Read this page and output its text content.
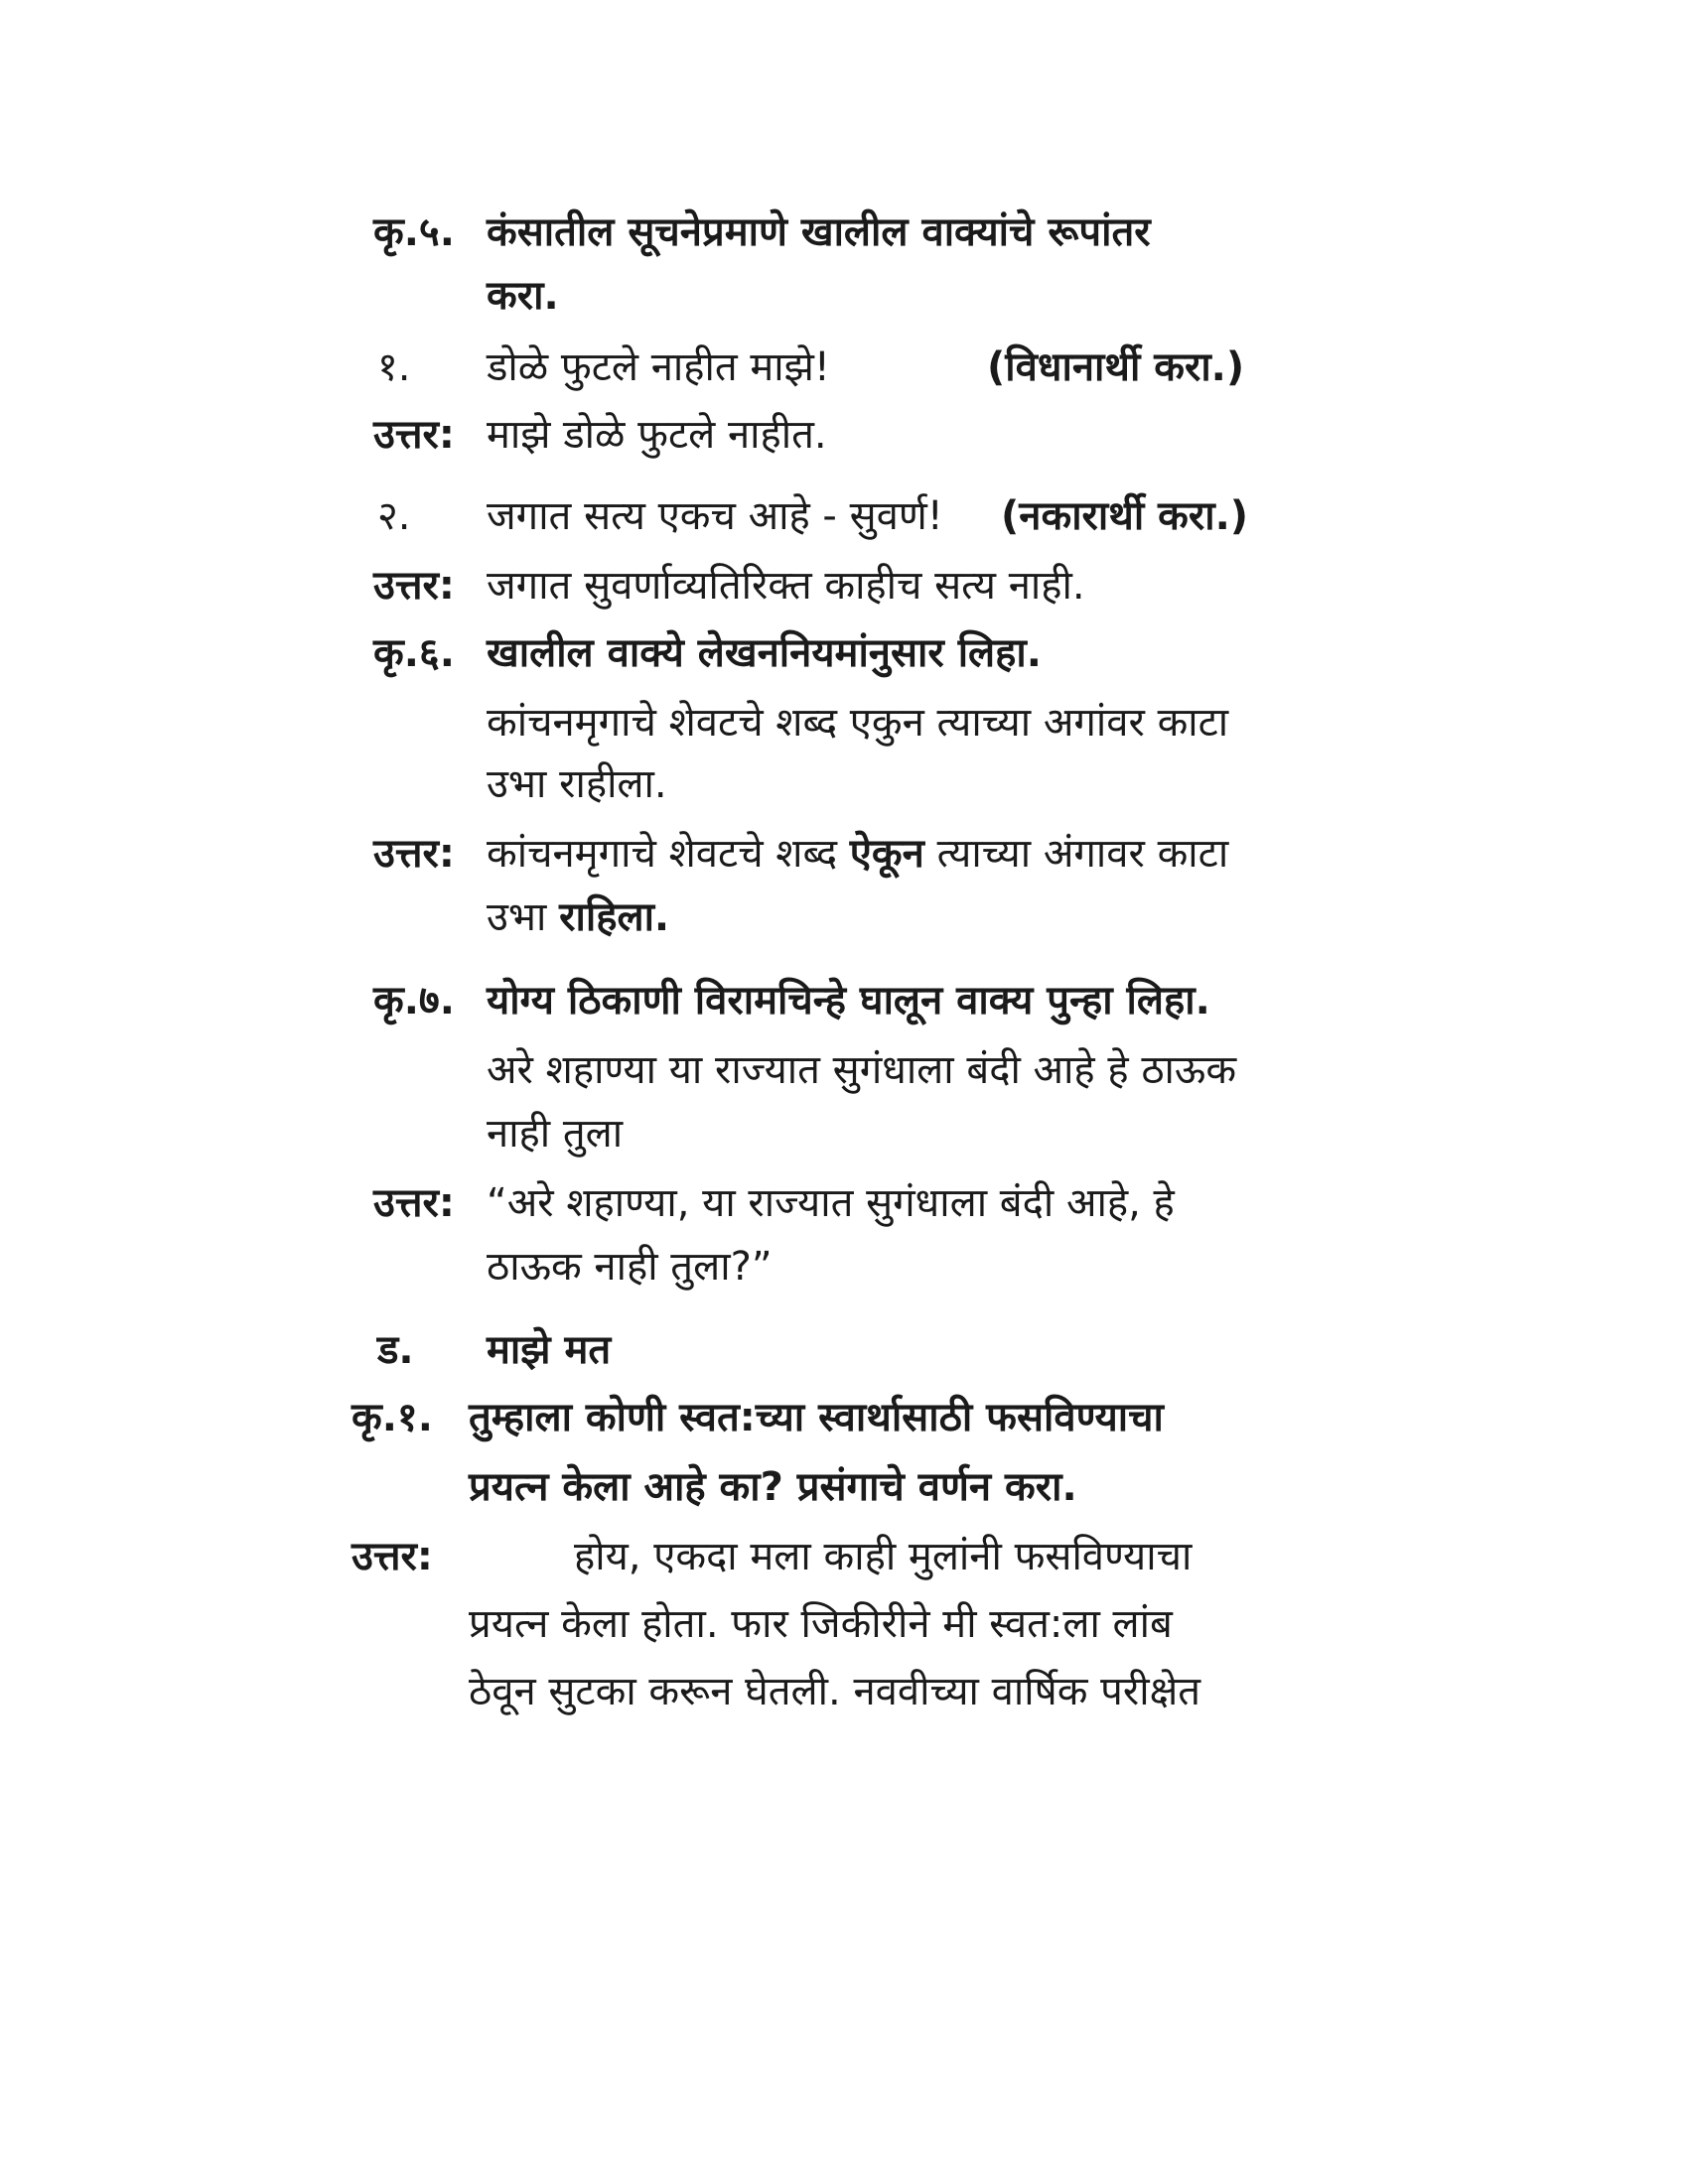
कृ.५. कंसातील सूचनेप्रमाणे खालील वाक्यांचे रूपांतर
करा.
१. डोळे फुटले नाहीत माझे!	(विधानार्थी करा.)
उत्तर: माझे डोळे फुटले नाहीत.
२. जगात सत्य एकच आहे - सुवर्ण! (नकारार्थी करा.)
उत्तर: जगात सुवर्णाव्यतिरिक्त काहीच सत्य नाही.
कृ.६. खालील वाक्ये लेखननियमांनुसार लिहा.
कांचनमृगाचे शेवटचे शब्द एकुन त्याच्या अगांवर काटा
उभा राहीला.
उत्तर: कांचनमृगाचे शेवटचे शब्द ऐकून त्याच्या अंगावर काटा
उभा राहिला.
कृ.७. योग्य ठिकाणी विरामचिन्हे घालून वाक्य पुन्हा लिहा.
अरे शहाण्या या राज्यात सुगंधाला बंदी आहे हे ठाऊक
नाही तुला
उत्तर: “अरे शहाण्या, या राज्यात सुगंधाला बंदी आहे, हे
ठाऊक नाही तुला?”
ड. माझे मत
कृ.१. तुम्हाला कोणी स्वत:च्या स्वार्थासाठी फसविण्याचा
प्रयत्न केला आहे का? प्रसंगाचे वर्णन करा.
उत्तर:	होय, एकदा मला काही मुलांनी फसविण्याचा
प्रयत्न केला होता. फार जिकीरीने मी स्वत:ला लांब
ठेवून सुटका करून घेतली. नववीच्या वार्षिक परीक्षेत
